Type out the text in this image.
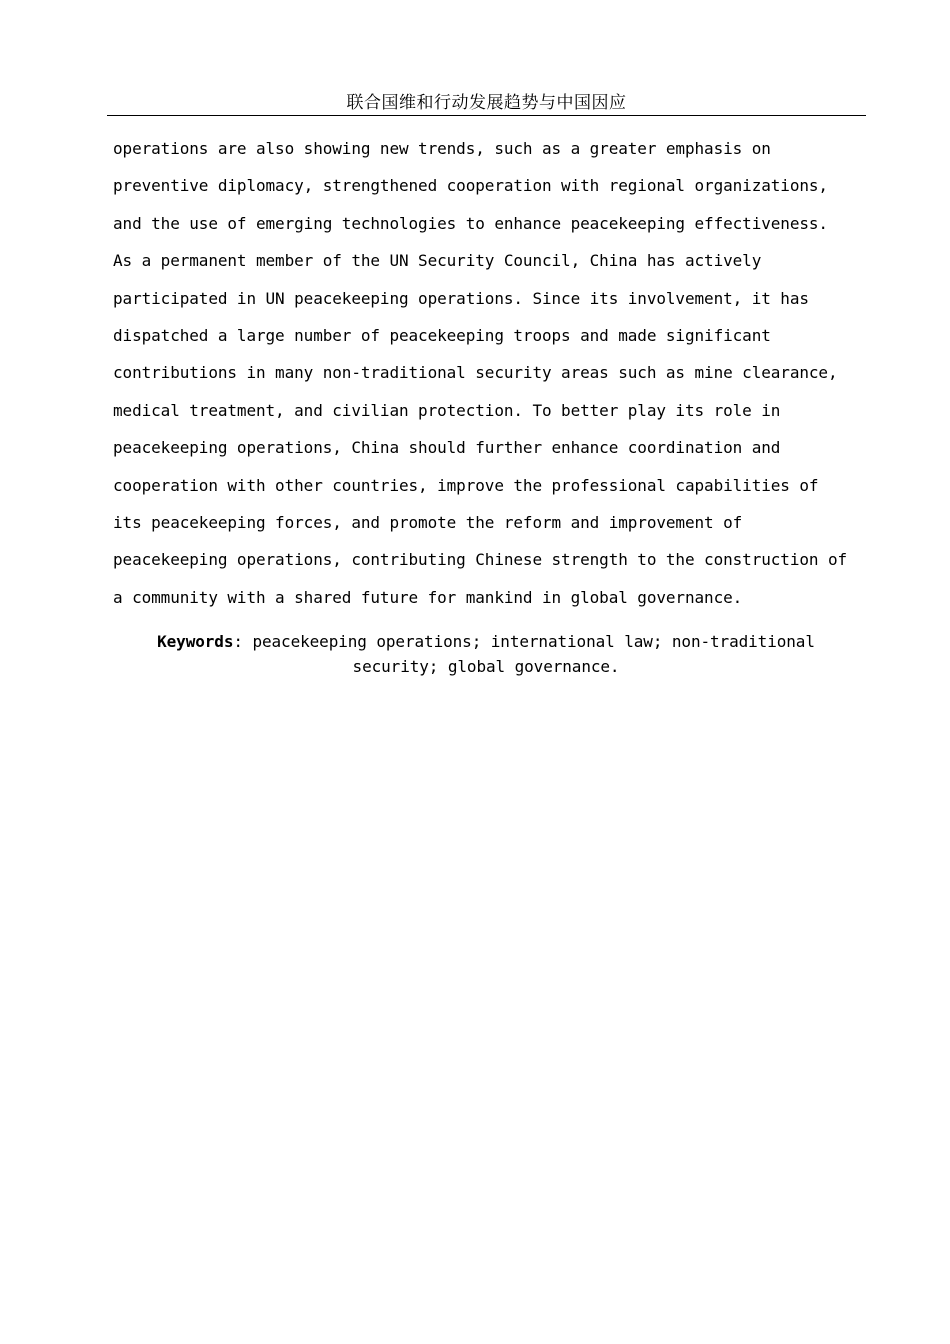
联合国维和行动发展趋势与中国因应
operations are also showing new trends, such as a greater emphasis on
preventive diplomacy, strengthened cooperation with regional organizations,
and the use of emerging technologies to enhance peacekeeping effectiveness.
As a permanent member of the UN Security Council, China has actively
participated in UN peacekeeping operations. Since its involvement, it has
dispatched a large number of peacekeeping troops and made significant
contributions in many non-traditional security areas such as mine clearance,
medical treatment, and civilian protection. To better play its role in
peacekeeping operations, China should further enhance coordination and
cooperation with other countries, improve the professional capabilities of
its peacekeeping forces, and promote the reform and improvement of
peacekeeping operations, contributing Chinese strength to the construction of
a community with a shared future for mankind in global governance.
Keywords: peacekeeping operations; international law; non-traditional
security; global governance.
